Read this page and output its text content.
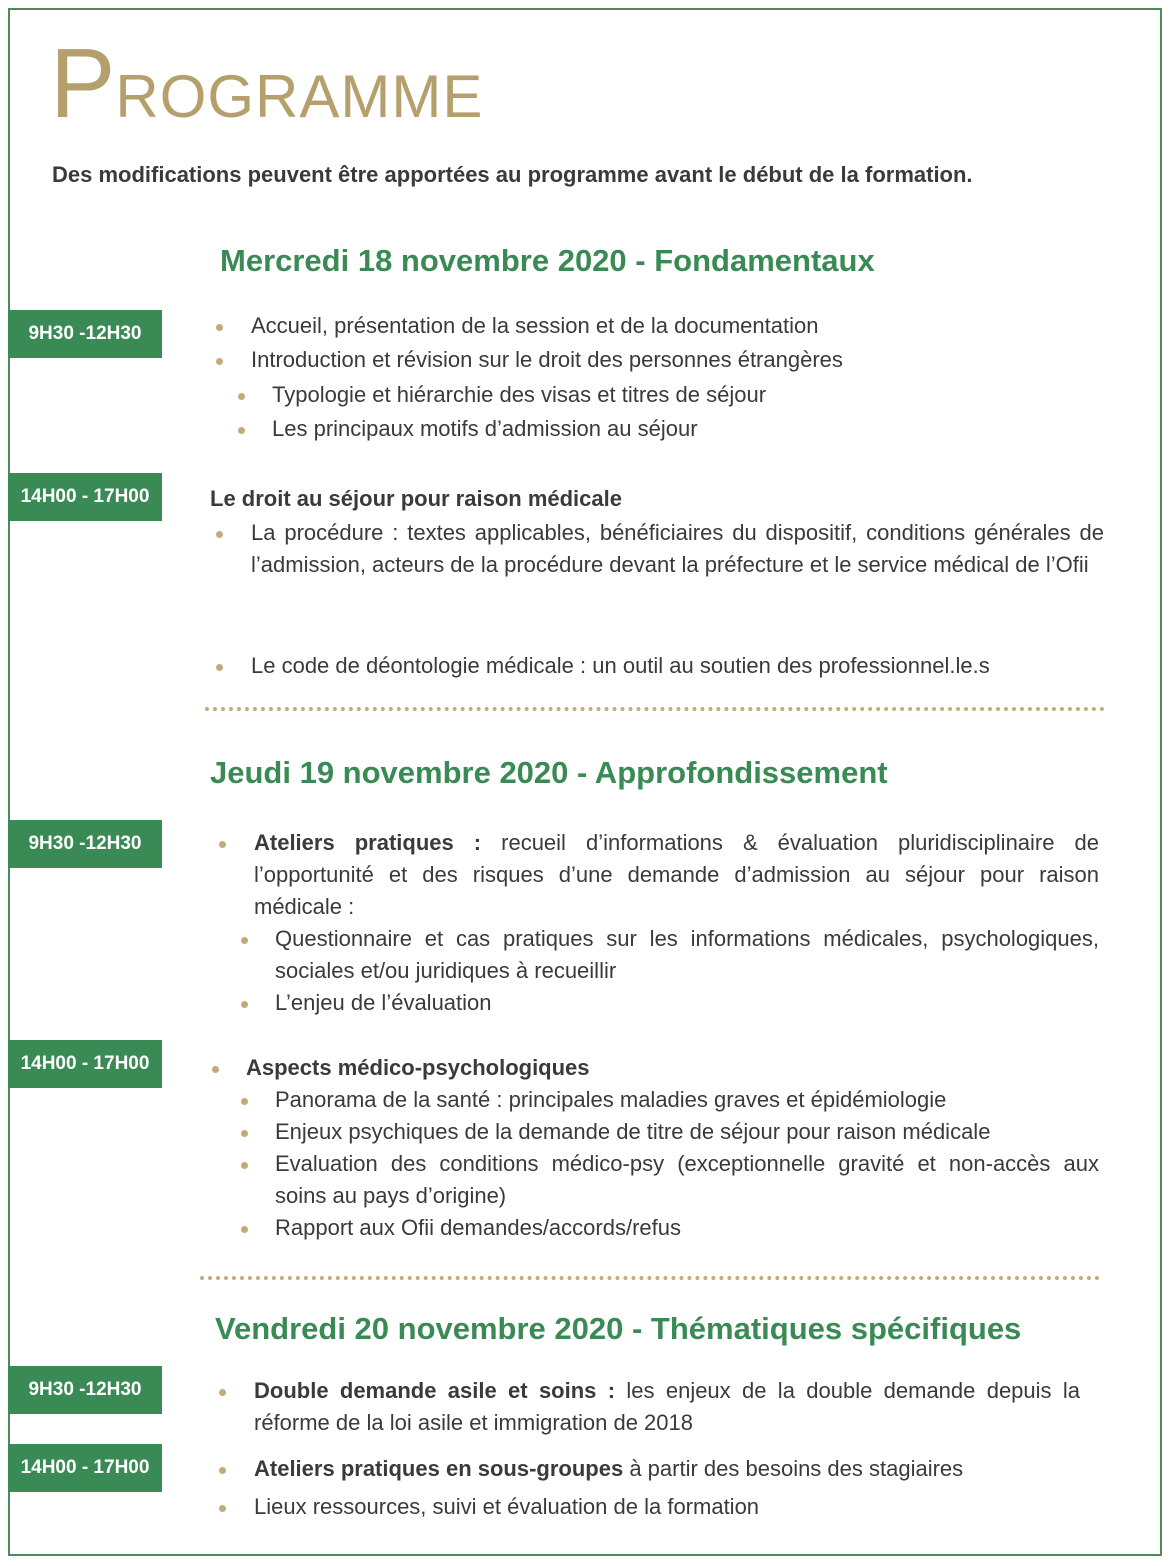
PROGRAMME
Des modifications peuvent être apportées au programme avant le début de la formation.
Mercredi 18 novembre 2020 - Fondamentaux
9H30 -12H30	Accueil, présentation de la session et de la documentation
Introduction et révision sur le droit des personnes étrangères
Typologie et hiérarchie des visas et titres de séjour
Les principaux motifs d’admission au séjour
14H00 - 17H00	Le droit au séjour pour raison médicale
La procédure : textes applicables, bénéficiaires du dispositif, conditions générales de l’admission, acteurs de la procédure devant la préfecture et le service médical de l’Ofii
Le code de déontologie médicale : un outil au soutien des professionnel.le.s
Jeudi 19 novembre 2020 - Approfondissement
9H30 -12H30	Ateliers pratiques : recueil d’informations & évaluation pluridisciplinaire de l’opportunité et des risques d’une demande d’admission au séjour pour raison médicale :
Questionnaire et cas pratiques sur les informations médicales, psychologiques, sociales et/ou juridiques à recueillir
L’enjeu de l’évaluation
14H00 - 17H00	Aspects médico-psychologiques
Panorama de la santé : principales maladies graves et épidémiologie
Enjeux psychiques de la demande de titre de séjour pour raison médicale
Evaluation des conditions médico-psy (exceptionnelle gravité et non-accès aux soins au pays d’origine)
Rapport aux Ofii demandes/accords/refus
Vendredi 20 novembre 2020 - Thématiques spécifiques
9H30 -12H30	Double demande asile et soins : les enjeux de la double demande depuis la réforme de la loi asile et immigration de 2018
14H00 - 17H00	Ateliers pratiques en sous-groupes à partir des besoins des stagiaires
Lieux ressources, suivi et évaluation de la formation
